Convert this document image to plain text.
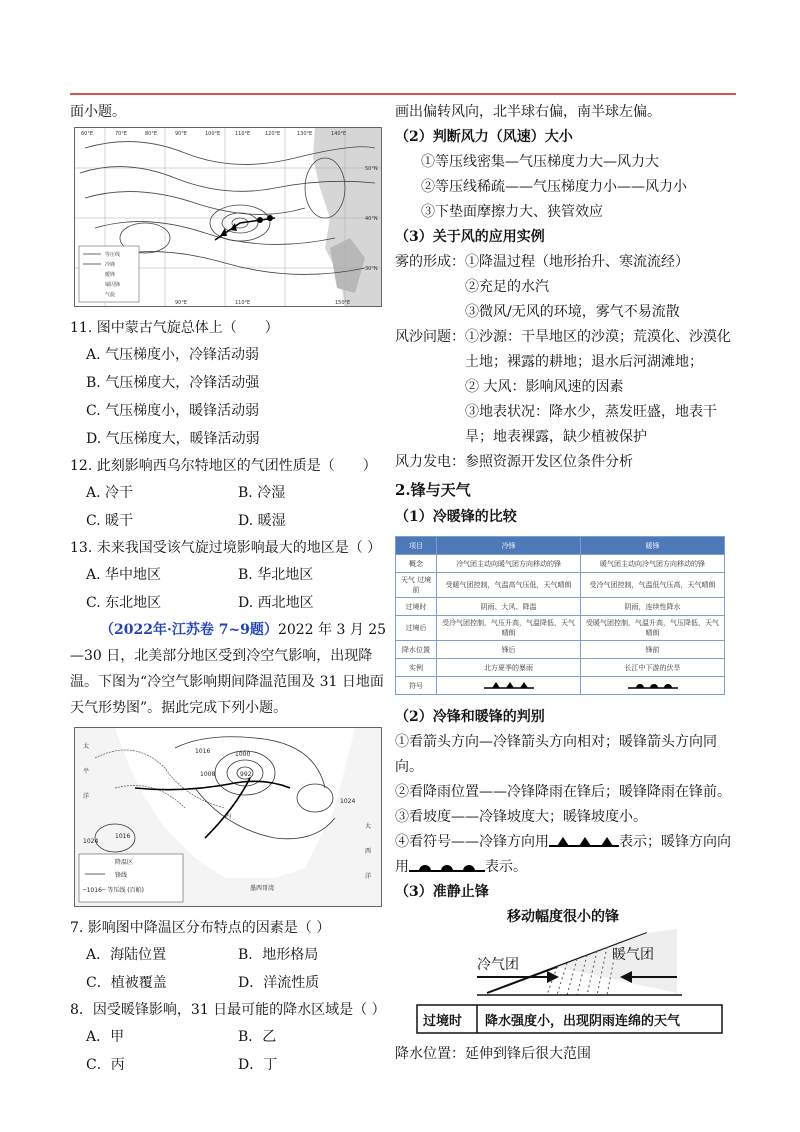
面小题。

等压线
冷锋
暖锋
锢囚锋
气旋
60°E	70°E	80°E	90°E	100°E	110°E	120°E	130°E	140°E
90°E	110°E	150°E
50°N
40°N
30°N

11. 图中蒙古气旋总体上（　　）

A. 气压梯度小，冷锋活动弱
B. 气压梯度大，冷锋活动强
C. 气压梯度小，暖锋活动弱
D. 气压梯度大，暖锋活动弱

12. 此刻影响西乌尔特地区的气团性质是（　　）

A. 冷干	B. 冷湿
C. 暖干	D. 暖湿

13. 未来我国受该气旋过境影响最大的地区是（ ）

A. 华中地区	B. 华北地区
C. 东北地区	D. 西北地区

（2022年·江苏卷 7~9题）2022 年 3 月 25—30 日，北美部分地区受到冷空气影响，出现降温。下图为“冷空气影响期间降温范围及 31 日地面天气形势图”。据此完成下列小题。

降温区
锋线
─1016─ 等压线 (百帕)
1016	1000
992
1008
1024
1016
1024
太
平
洋
大
西
洋
墨西哥湾
内

7. 影响图中降温区分布特点的因素是（ ）

A．海陆位置	B．地形格局
C．植被覆盖	D．洋流性质

8．因受暖锋影响，31 日最可能的降水区域是（ ）

A．甲	B．乙
C．丙	D．丁

画出偏转风向，北半球右偏，南半球左偏。

（2）判断风力（风速）大小

①等压线密集—气压梯度力大—风力大

②等压线稀疏——气压梯度力小——风力小

③下垫面摩擦力大、狭管效应

（3）关于风的应用实例

雾的形成： ①降温过程（地形抬升、寒流流经）

②充足的水汽

③微风/无风的环境，雾气不易流散

风沙问题： ①沙源：干旱地区的沙漠；荒漠化、沙漠化土地；裸露的耕地；退水后河湖滩地；

② 大风：影响风速的因素

③地表状况：降水少，蒸发旺盛，地表干旱；地表裸露，缺少植被保护

风力发电：参照资源开发区位条件分析

2.锋与天气

（1）冷暖锋的比较

项目	冷锋	暖锋
概念	冷气团主动向暖气团方向移动的锋	暖气团主动向冷气团方向移动的锋
天气 过境前	受暖气团控制，气温高气压低，天气晴朗	受冷气团控制，气温低气压高，天气晴朗
过境时	阴雨、大风、降温	阴雨，连续性降水
过境后	受冷气团控制，气压升高，气温降低，天气晴朗	受暖气团控制，气温升高，气压降低，天气晴朗
降水位置	锋后	锋前
实例	北方夏季的暴雨	长江中下游的伏旱
符号		

（2）冷锋和暖锋的判别

①看箭头方向—冷锋箭头方向相对；暖锋箭头方向同向。

②看降雨位置——冷锋降雨在锋后；暖锋降雨在锋前。

③看坡度——冷锋坡度大；暖锋坡度小。

④看符号——冷锋方向用	表示；暖锋方向向

用	表示。

（3）准静止锋

移动幅度很小的锋
冷气团
暖气团
过境时 降水强度小，出现阴雨连绵的天气

降水位置：延伸到锋后很大范围
